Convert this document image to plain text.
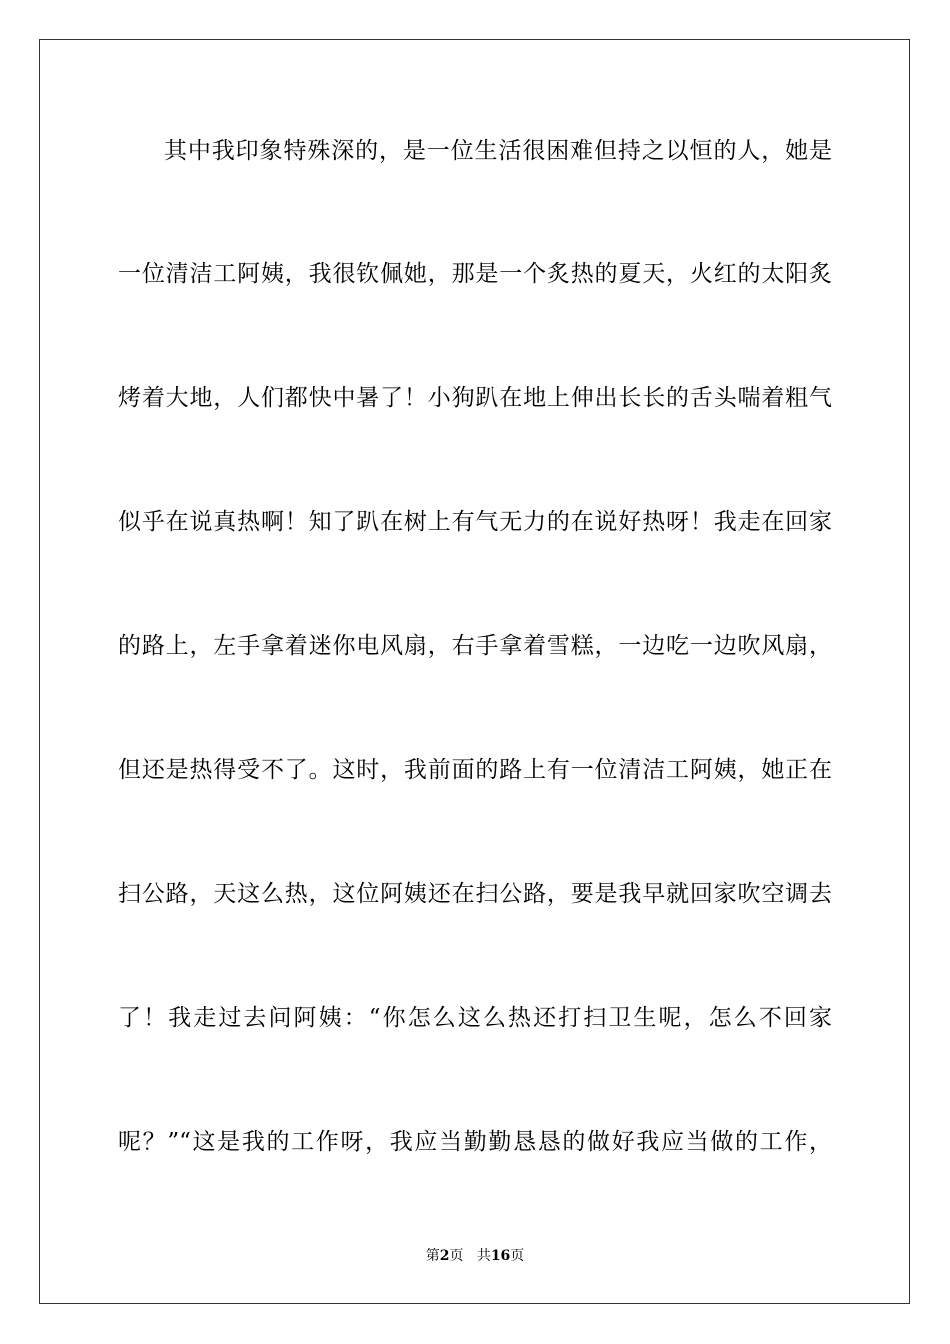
其中我印象特殊深的，是一位生活很困难但持之以恒的人，她是
一位清洁工阿姨，我很钦佩她，那是一个炙热的夏天，火红的太阳炙
烤着大地，人们都快中暑了！小狗趴在地上伸出长长的舌头喘着粗气
似乎在说真热啊！知了趴在树上有气无力的在说好热呀！我走在回家
的路上，左手拿着迷你电风扇，右手拿着雪糕，一边吃一边吹风扇，
但还是热得受不了。这时，我前面的路上有一位清洁工阿姨，她正在
扫公路，天这么热，这位阿姨还在扫公路，要是我早就回家吹空调去
了！我走过去问阿姨：“你怎么这么热还打扫卫生呢，怎么不回家
呢？”“这是我的工作呀，我应当勤勤恳恳的做好我应当做的工作，
第2页 共16页
